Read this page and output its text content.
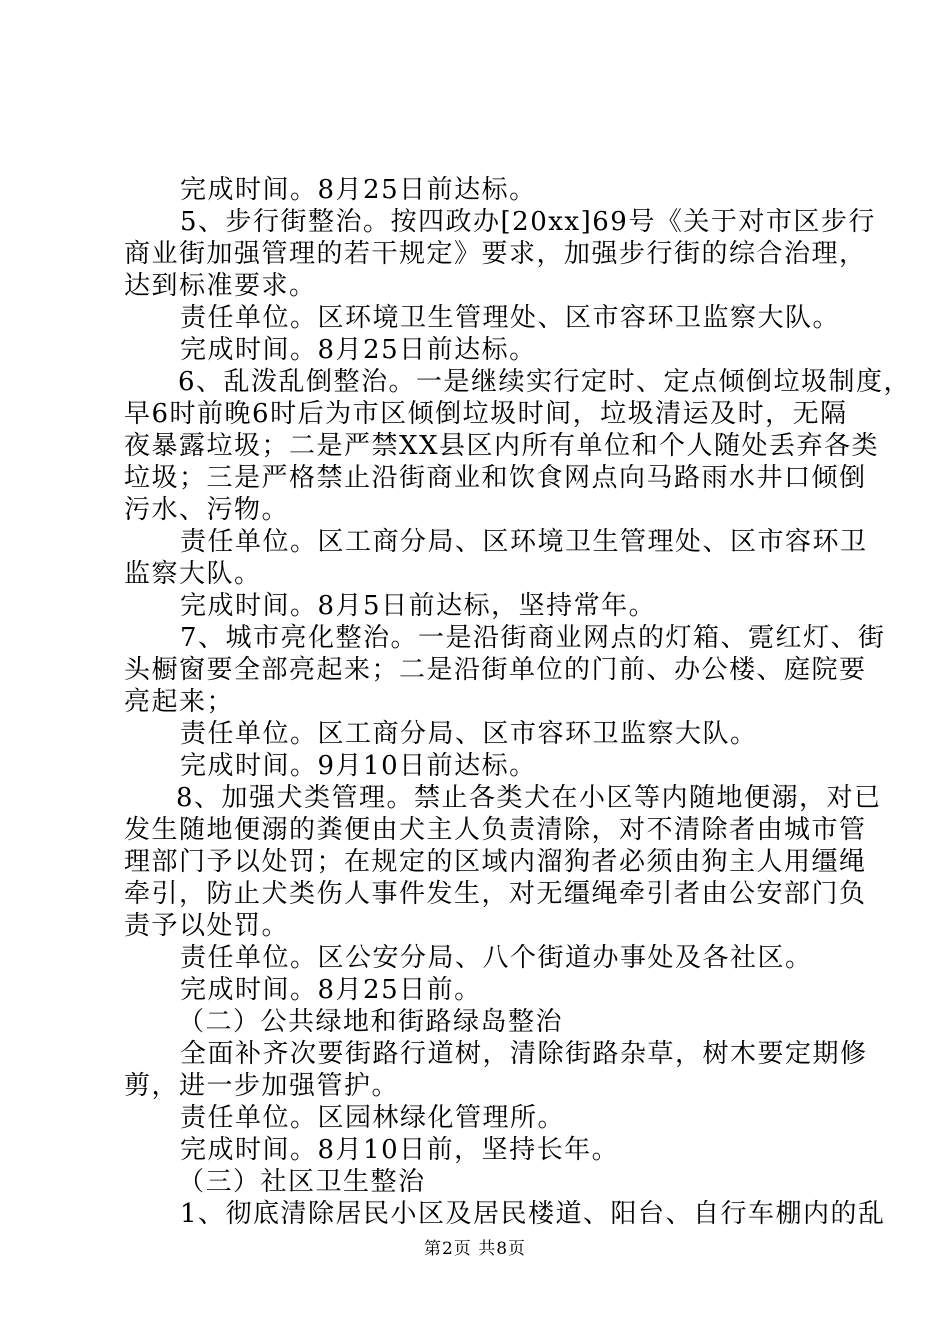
完成时间。8月25日前达标。
5、步行街整治。按四政办[20xx]69号《关于对市区步行
商业街加强管理的若干规定》要求，加强步行街的综合治理，
达到标准要求。
责任单位。区环境卫生管理处、区市容环卫监察大队。
完成时间。8月25日前达标。
6、乱泼乱倒整治。一是继续实行定时、定点倾倒垃圾制度，
早6时前晚6时后为市区倾倒垃圾时间，垃圾清运及时，无隔
夜暴露垃圾；二是严禁XX县区内所有单位和个人随处丢弃各类
垃圾；三是严格禁止沿街商业和饮食网点向马路雨水井口倾倒
污水、污物。
责任单位。区工商分局、区环境卫生管理处、区市容环卫
监察大队。
完成时间。8月5日前达标，坚持常年。
7、城市亮化整治。一是沿街商业网点的灯箱、霓红灯、街
头橱窗要全部亮起来；二是沿街单位的门前、办公楼、庭院要
亮起来；
责任单位。区工商分局、区市容环卫监察大队。
完成时间。9月10日前达标。
8、加强犬类管理。禁止各类犬在小区等内随地便溺，对已
发生随地便溺的粪便由犬主人负责清除，对不清除者由城市管
理部门予以处罚；在规定的区域内溜狗者必须由狗主人用缰绳
牵引，防止犬类伤人事件发生，对无缰绳牵引者由公安部门负
责予以处罚。
责任单位。区公安分局、八个街道办事处及各社区。
完成时间。8月25日前。
（二）公共绿地和街路绿岛整治
全面补齐次要街路行道树，清除街路杂草，树木要定期修
剪，进一步加强管护。
责任单位。区园林绿化管理所。
完成时间。8月10日前，坚持长年。
（三）社区卫生整治
1、彻底清除居民小区及居民楼道、阳台、自行车棚内的乱
第2页 共8页
